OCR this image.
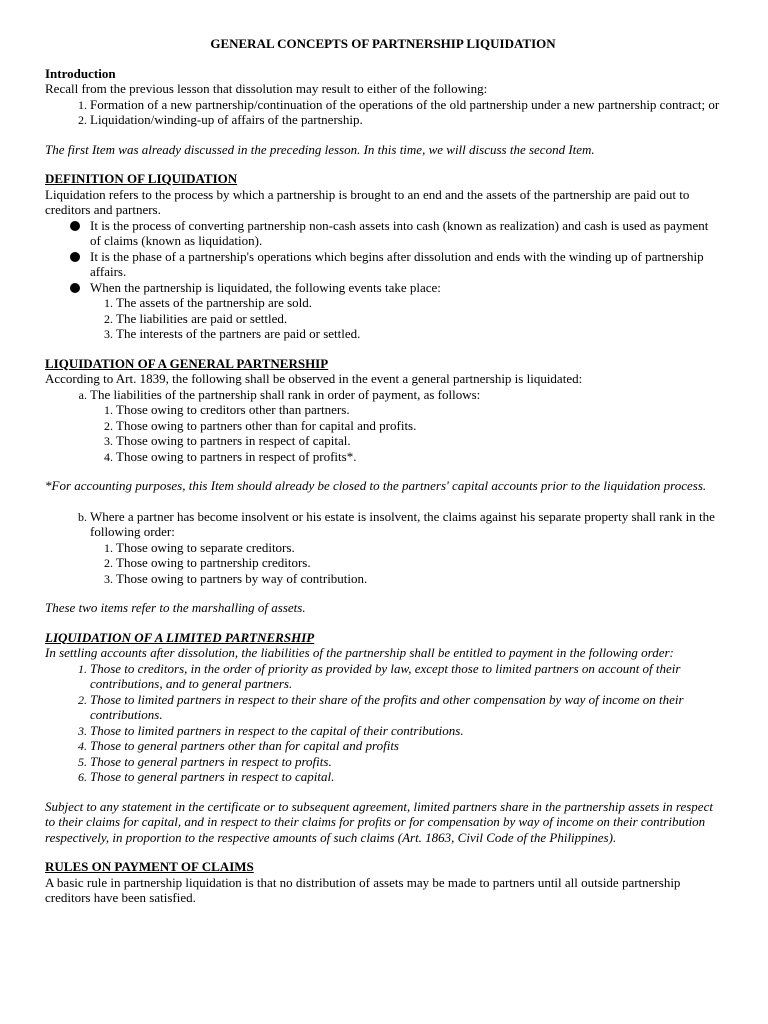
GENERAL CONCEPTS OF PARTNERSHIP LIQUIDATION

Introduction

Recall from the previous lesson that dissolution may result to either of the following:

1. Formation of a new partnership/continuation of the operations of the old partnership under a new partnership contract; or
2. Liquidation/winding-up of affairs of the partnership.

The first Item was already discussed in the preceding lesson. In this time, we will discuss the second Item.

DEFINITION OF LIQUIDATION

Liquidation refers to the process by which a partnership is brought to an end and the assets of the partnership are paid out to creditors and partners.

It is the process of converting partnership non-cash assets into cash (known as realization) and cash is used as payment of claims (known as liquidation).
It is the phase of a partnership's operations which begins after dissolution and ends with the winding up of partnership affairs.
When the partnership is liquidated, the following events take place:
1. The assets of the partnership are sold.
2. The liabilities are paid or settled.
3. The interests of the partners are paid or settled.

LIQUIDATION OF A GENERAL PARTNERSHIP

According to Art. 1839, the following shall be observed in the event a general partnership is liquidated:

a. The liabilities of the partnership shall rank in order of payment, as follows:
1. Those owing to creditors other than partners.
2. Those owing to partners other than for capital and profits.
3. Those owing to partners in respect of capital.
4. Those owing to partners in respect of profits*.

*For accounting purposes, this Item should already be closed to the partners' capital accounts prior to the liquidation process.

b. Where a partner has become insolvent or his estate is insolvent, the claims against his separate property shall rank in the following order:
1. Those owing to separate creditors.
2. Those owing to partnership creditors.
3. Those owing to partners by way of contribution.

These two items refer to the marshalling of assets.

LIQUIDATION OF A LIMITED PARTNERSHIP

In settling accounts after dissolution, the liabilities of the partnership shall be entitled to payment in the following order:

1. Those to creditors, in the order of priority as provided by law, except those to limited partners on account of their contributions, and to general partners.
2. Those to limited partners in respect to their share of the profits and other compensation by way of income on their contributions.
3. Those to limited partners in respect to the capital of their contributions.
4. Those to general partners other than for capital and profits
5. Those to general partners in respect to profits.
6. Those to general partners in respect to capital.

Subject to any statement in the certificate or to subsequent agreement, limited partners share in the partnership assets in respect to their claims for capital, and in respect to their claims for profits or for compensation by way of income on their contribution respectively, in proportion to the respective amounts of such claims (Art. 1863, Civil Code of the Philippines).

RULES ON PAYMENT OF CLAIMS

A basic rule in partnership liquidation is that no distribution of assets may be made to partners until all outside partnership creditors have been satisfied.
